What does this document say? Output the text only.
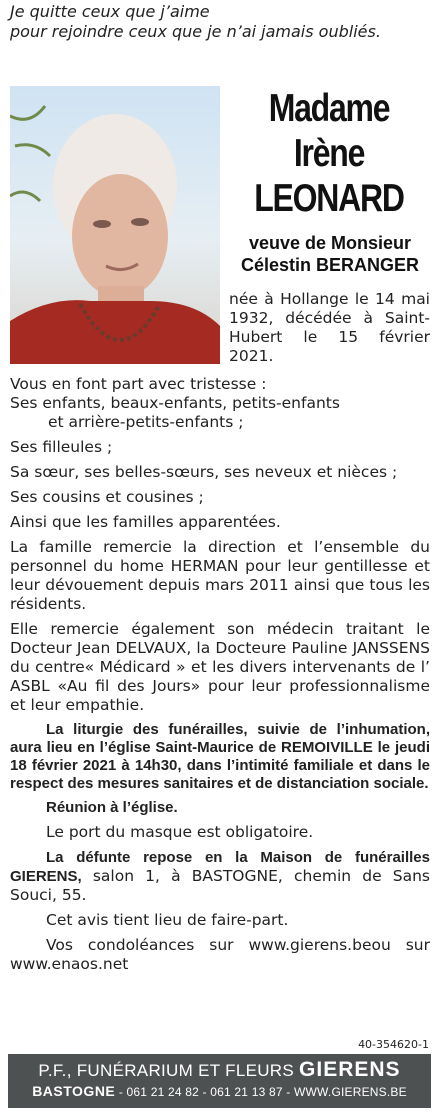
Je quitte ceux que j’aime
pour rejoindre ceux que je n’ai jamais oubliés.
Madame
Irène
LEONARD
veuve de Monsieur
Célestin BERANGER
née à Hollange le 14 mai 1932, décédée à Saint-Hubert le 15 février 2021.

Vous en font part avec tristesse :

Ses enfants, beaux-enfants, petits-enfants

et arrière-petits-enfants ;

Ses filleules ;

Sa sœur, ses belles-sœurs, ses neveux et nièces ;

Ses cousins et cousines ;

Ainsi que les familles apparentées.

La famille remercie la direction et l’ensemble du personnel du home HERMAN pour leur gentillesse et leur dévouement depuis mars 2011 ainsi que tous les résidents.

Elle remercie également son médecin traitant le Docteur Jean DELVAUX, la Docteure Pauline JANSSENS du centre« Médicard » et les divers intervenants de l’ ASBL «Au fil des Jours» pour leur professionnalisme et leur empathie.

La liturgie des funérailles, suivie de l’inhumation, aura lieu en l’église Saint-Maurice de REMOIVILLE le jeudi 18 février 2021 à 14h30, dans l’intimité familiale et dans le respect des mesures sanitaires et de distanciation sociale.

Réunion à l’église.

Le port du masque est obligatoire.

La défunte repose en la Maison de funérailles GIERENS, salon 1, à BASTOGNE, chemin de Sans Souci, 55.

Cet avis tient lieu de faire-part.

Vos condoléances sur www.gierens.beou sur www.enaos.net

40-354620-1
P.F., FUNÉRARIUM ET FLEURS GIERENS
BASTOGNE - 061 21 24 82 - 061 21 13 87 - WWW.GIERENS.BE
